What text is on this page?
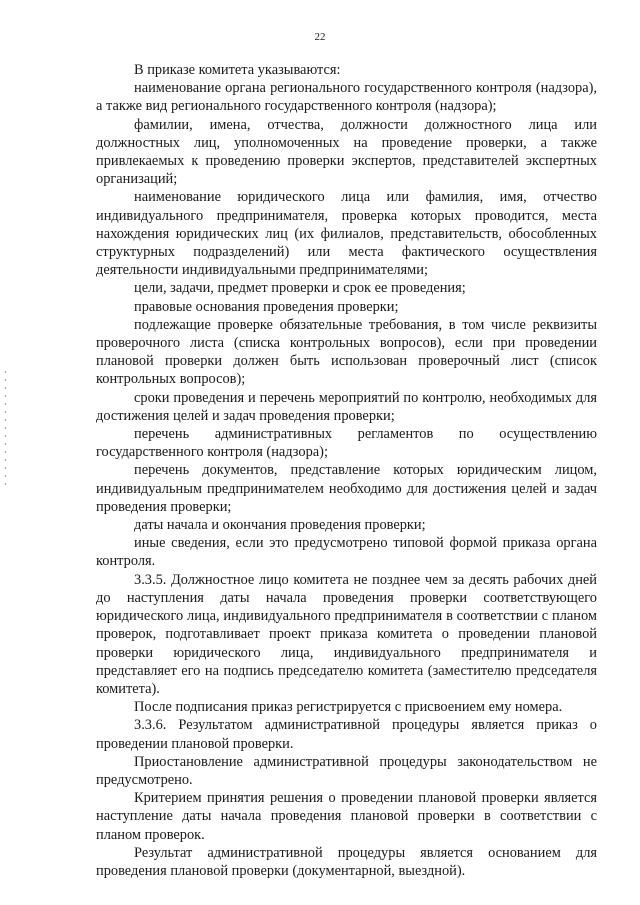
22

В приказе комитета указываются:

наименование органа регионального государственного контроля (надзора), а также вид регионального государственного контроля (надзора);

фамилии, имена, отчества, должности должностного лица или должностных лиц, уполномоченных на проведение проверки, а также привлекаемых к проведению проверки экспертов, представителей экспертных организаций;

наименование юридического лица или фамилия, имя, отчество индивидуального предпринимателя, проверка которых проводится, места нахождения юридических лиц (их филиалов, представительств, обособленных структурных подразделений) или места фактического осуществления деятельности индивидуальными предпринимателями;

цели, задачи, предмет проверки и срок ее проведения;

правовые основания проведения проверки;

подлежащие проверке обязательные требования, в том числе реквизиты проверочного листа (списка контрольных вопросов), если при проведении плановой проверки должен быть использован проверочный лист (список контрольных вопросов);

сроки проведения и перечень мероприятий по контролю, необходимых для достижения целей и задач проведения проверки;

перечень административных регламентов по осуществлению государственного контроля (надзора);

перечень документов, представление которых юридическим лицом, индивидуальным предпринимателем необходимо для достижения целей и задач проведения проверки;

даты начала и окончания проведения проверки;

иные сведения, если это предусмотрено типовой формой приказа органа контроля.

3.3.5. Должностное лицо комитета не позднее чем за десять рабочих дней до наступления даты начала проведения проверки соответствующего юридического лица, индивидуального предпринимателя в соответствии с планом проверок, подготавливает проект приказа комитета о проведении плановой проверки юридического лица, индивидуального предпринимателя и представляет его на подпись председателю комитета (заместителю председателя комитета).

После подписания приказ регистрируется с присвоением ему номера.

3.3.6. Результатом административной процедуры является приказ о проведении плановой проверки.

Приостановление административной процедуры законодательством не предусмотрено.

Критерием принятия решения о проведении плановой проверки является наступление даты начала проведения плановой проверки в соответствии с планом проверок.

Результат административной процедуры является основанием для проведения плановой проверки (документарной, выездной).
